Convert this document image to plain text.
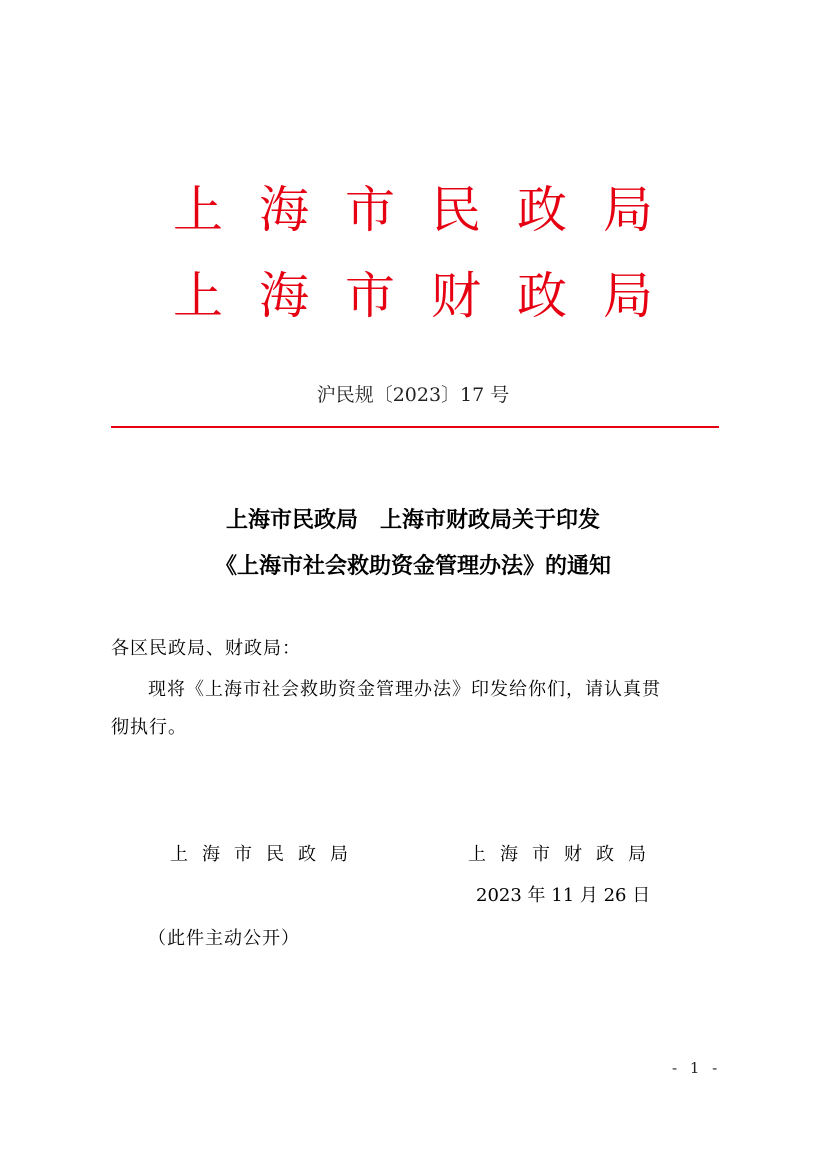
上海市民政局
上海市财政局
沪民规〔2023〕17 号
上海市民政局　上海市财政局关于印发
《上海市社会救助资金管理办法》的通知
各区民政局、财政局：
现将《上海市社会救助资金管理办法》印发给你们，请认真贯
彻执行。
上海市民政局	上海市财政局
2023 年 11 月 26 日
（此件主动公开）
- 1 -
